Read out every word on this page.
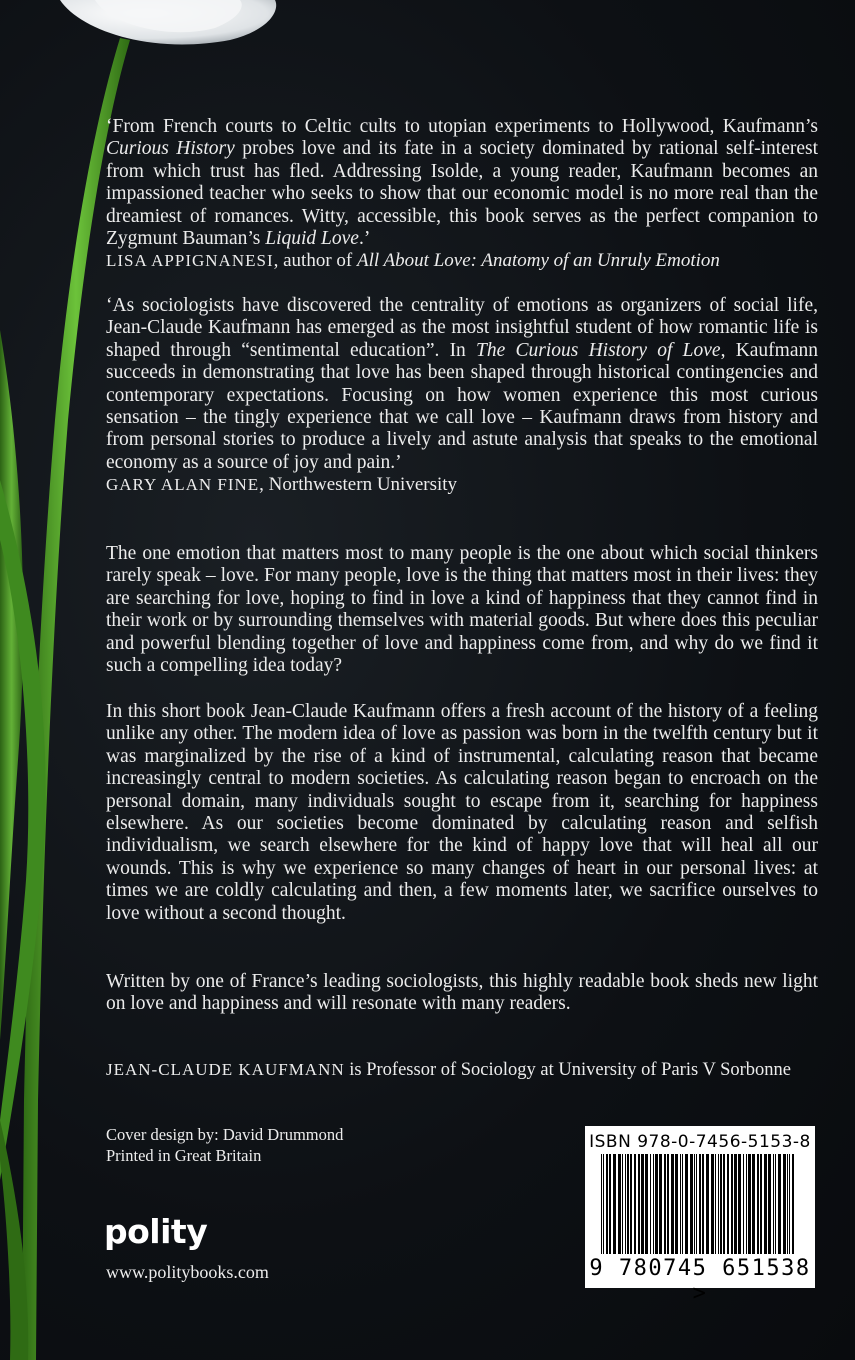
‘From French courts to Celtic cults to utopian experiments to Hollywood, Kaufmann’s Curious History probes love and its fate in a society dominated by rational self-interest from which trust has fled. Addressing Isolde, a young reader, Kaufmann becomes an impassioned teacher who seeks to show that our economic model is no more real than the dreamiest of romances. Witty, accessible, this book serves as the perfect companion to Zygmunt Bauman’s Liquid Love.’

LISA APPIGNANESI, author of All About Love: Anatomy of an Unruly Emotion

‘As sociologists have discovered the centrality of emotions as organizers of social life, Jean-Claude Kaufmann has emerged as the most insightful student of how romantic life is shaped through “sentimental education”. In The Curious History of Love, Kaufmann succeeds in demonstrating that love has been shaped through historical contingencies and contemporary expectations. Focusing on how women experience this most curious sensation – the tingly experience that we call love – Kaufmann draws from history and from personal stories to produce a lively and astute analysis that speaks to the emotional economy as a source of joy and pain.’

GARY ALAN FINE, Northwestern University

The one emotion that matters most to many people is the one about which social thinkers rarely speak – love. For many people, love is the thing that matters most in their lives: they are searching for love, hoping to find in love a kind of happiness that they cannot find in their work or by surrounding themselves with material goods. But where does this peculiar and powerful blending together of love and happiness come from, and why do we find it such a compelling idea today?

In this short book Jean-Claude Kaufmann offers a fresh account of the history of a feeling unlike any other. The modern idea of love as passion was born in the twelfth century but it was marginalized by the rise of a kind of instrumental, calculating reason that became increasingly central to modern societies. As calculating reason began to encroach on the personal domain, many individuals sought to escape from it, searching for happiness elsewhere. As our societies become dominated by calculating reason and selfish individualism, we search elsewhere for the kind of happy love that will heal all our wounds. This is why we experience so many changes of heart in our personal lives: at times we are coldly calculating and then, a few moments later, we sacrifice ourselves to love without a second thought.

Written by one of France’s leading sociologists, this highly readable book sheds new light on love and happiness and will resonate with many readers.

JEAN-CLAUDE KAUFMANN is Professor of Sociology at University of Paris V Sorbonne
Cover design by: David Drummond
Printed in Great Britain
polity
www.politybooks.com
ISBN 978-0-7456-5153-8
9 780745 651538 >
